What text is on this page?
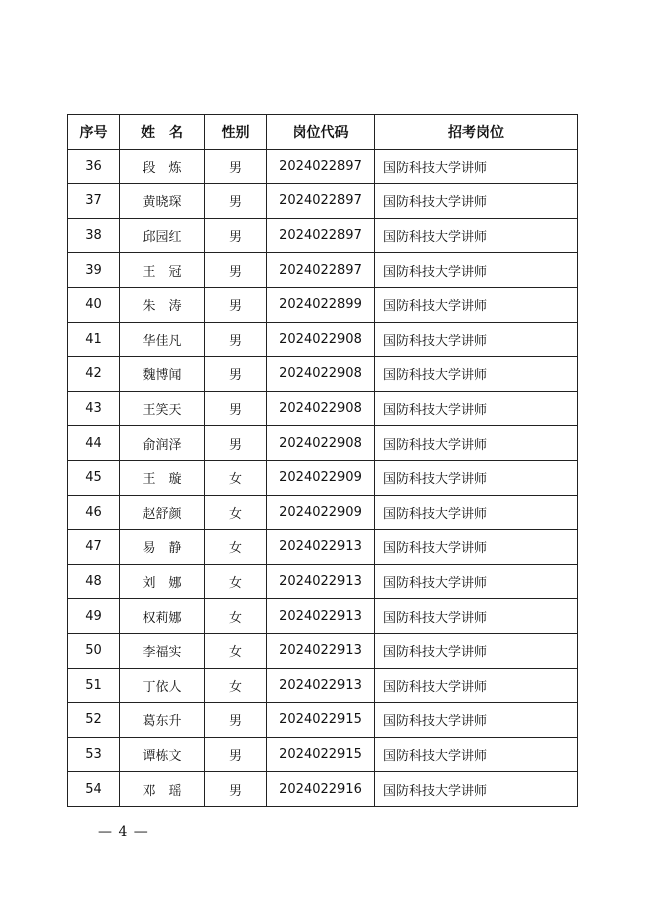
序号	姓　名	性别	岗位代码	招考岗位
36	段　炼	男	2024022897	国防科技大学讲师
37	黄晓琛	男	2024022897	国防科技大学讲师
38	邱园红	男	2024022897	国防科技大学讲师
39	王　冠	男	2024022897	国防科技大学讲师
40	朱　涛	男	2024022899	国防科技大学讲师
41	华佳凡	男	2024022908	国防科技大学讲师
42	魏博闻	男	2024022908	国防科技大学讲师
43	王笑天	男	2024022908	国防科技大学讲师
44	俞润泽	男	2024022908	国防科技大学讲师
45	王　璇	女	2024022909	国防科技大学讲师
46	赵舒颜	女	2024022909	国防科技大学讲师
47	易　静	女	2024022913	国防科技大学讲师
48	刘　娜	女	2024022913	国防科技大学讲师
49	权莉娜	女	2024022913	国防科技大学讲师
50	李福实	女	2024022913	国防科技大学讲师
51	丁依人	女	2024022913	国防科技大学讲师
52	葛东升	男	2024022915	国防科技大学讲师
53	谭栋文	男	2024022915	国防科技大学讲师
54	邓　瑶	男	2024022916	国防科技大学讲师
— 4 —
